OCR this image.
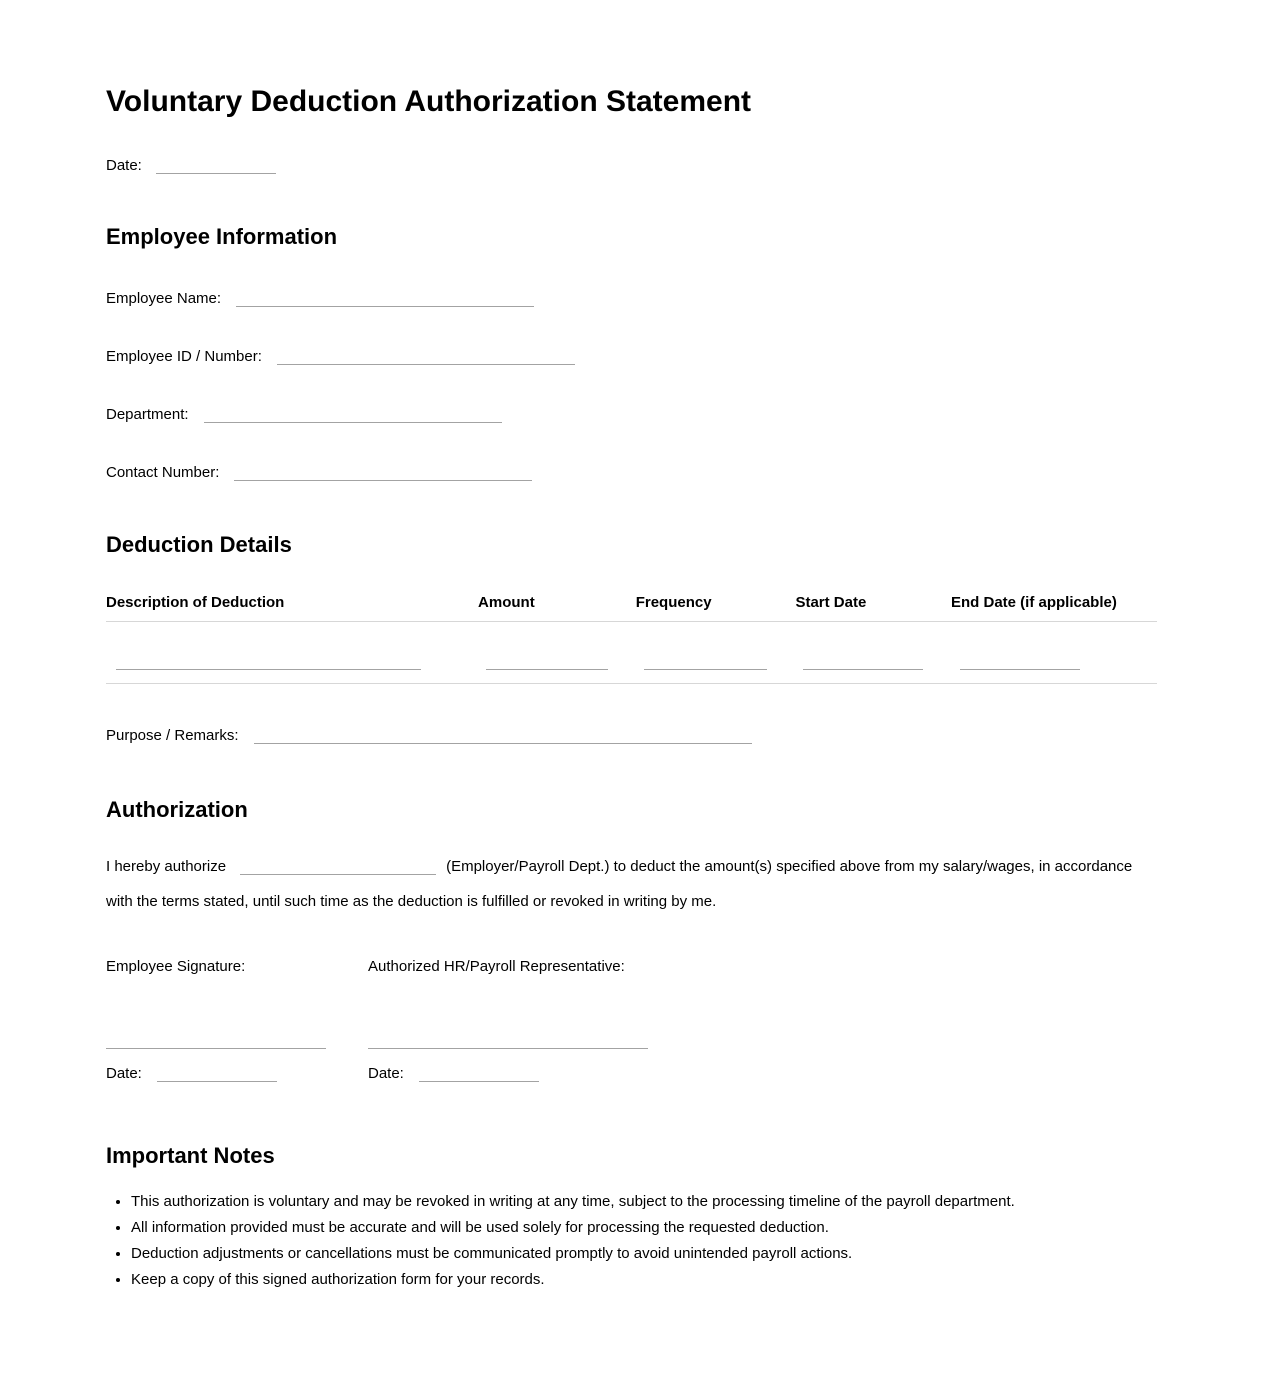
Voluntary Deduction Authorization Statement
Date:
Employee Information
Employee Name:
Employee ID / Number:
Department:
Contact Number:
Deduction Details
Description of Deduction	Amount	Frequency	Start Date	End Date (if applicable)
Purpose / Remarks:
Authorization

I hereby authorize	(Employer/Payroll Dept.) to deduct the amount(s) specified above from my salary/wages, in accordance with the terms stated, until such time as the deduction is fulfilled or revoked in writing by me.

Employee Signature:
Date:
Authorized HR/Payroll Representative:
Date:
Important Notes
• This authorization is voluntary and may be revoked in writing at any time, subject to the processing timeline of the payroll department.
• All information provided must be accurate and will be used solely for processing the requested deduction.
• Deduction adjustments or cancellations must be communicated promptly to avoid unintended payroll actions.
• Keep a copy of this signed authorization form for your records.
